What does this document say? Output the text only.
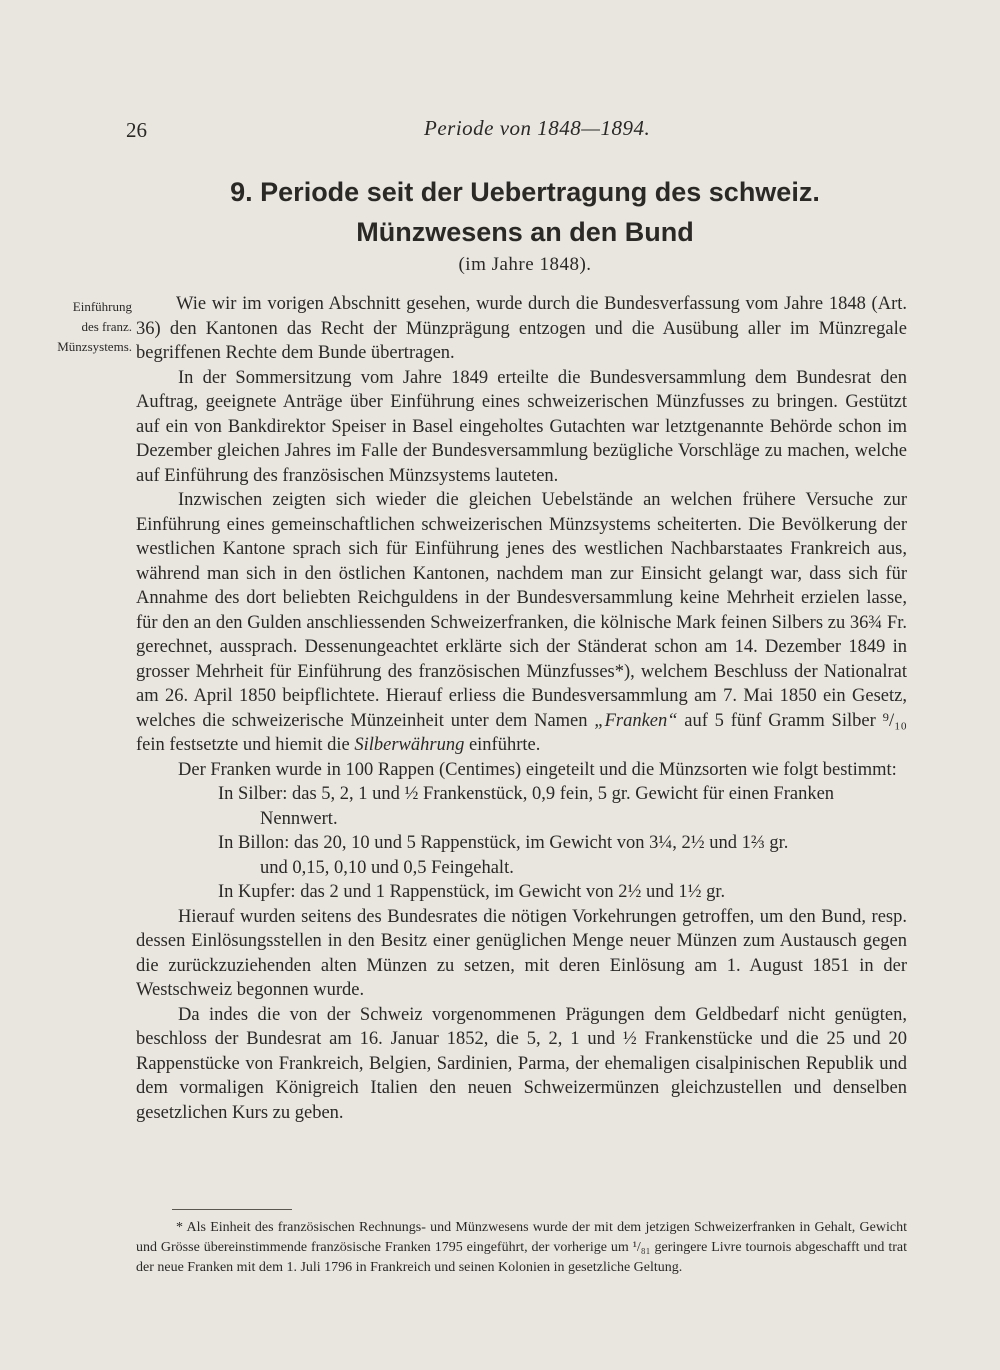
26	Periode von 1848—1894.
9. Periode seit der Uebertragung des schweiz.
Münzwesens an den Bund
(im Jahre 1848).
Einführung
des franz.
Münzsystems.

Wie wir im vorigen Abschnitt gesehen, wurde durch die Bundesverfassung vom Jahre 1848 (Art. 36) den Kantonen das Recht der Münzprägung entzogen und die Ausübung aller im Münzregale begriffenen Rechte dem Bunde übertragen.

In der Sommersitzung vom Jahre 1849 erteilte die Bundesversammlung dem Bundesrat den Auftrag, geeignete Anträge über Einführung eines schweizerischen Münzfusses zu bringen. Gestützt auf ein von Bankdirektor Speiser in Basel eingeholtes Gutachten war letztgenannte Behörde schon im Dezember gleichen Jahres im Falle der Bundesversammlung bezügliche Vorschläge zu machen, welche auf Einführung des französischen Münzsystems lauteten.

Inzwischen zeigten sich wieder die gleichen Uebelstände an welchen frühere Versuche zur Einführung eines gemeinschaftlichen schweizerischen Münzsystems scheiterten. Die Bevölkerung der westlichen Kantone sprach sich für Einführung jenes des westlichen Nachbarstaates Frankreich aus, während man sich in den östlichen Kantonen, nachdem man zur Einsicht gelangt war, dass sich für Annahme des dort beliebten Reichguldens in der Bundesversammlung keine Mehrheit erzielen lasse, für den an den Gulden anschliessenden Schweizerfranken, die kölnische Mark feinen Silbers zu 36¾ Fr. gerechnet, aussprach. Dessenungeachtet erklärte sich der Ständerat schon am 14. Dezember 1849 in grosser Mehrheit für Einführung des französischen Münzfusses*), welchem Beschluss der Nationalrat am 26. April 1850 beipflichtete. Hierauf erliess die Bundesversammlung am 7. Mai 1850 ein Gesetz, welches die schweizerische Münzeinheit unter dem Namen „Franken“ auf 5 fünf Gramm Silber ⁹/₁₀ fein festsetzte und hiemit die Silberwährung einführte.

Der Franken wurde in 100 Rappen (Centimes) eingeteilt und die Münzsorten wie folgt bestimmt:

In Silber: das 5, 2, 1 und ½ Frankenstück, 0,9 fein, 5 gr. Gewicht für einen Franken
Nennwert.

In Billon: das 20, 10 und 5 Rappenstück, im Gewicht von 3¼, 2½ und 1⅔ gr.
und 0,15, 0,10 und 0,5 Feingehalt.

In Kupfer: das 2 und 1 Rappenstück, im Gewicht von 2½ und 1½ gr.

Hierauf wurden seitens des Bundesrates die nötigen Vorkehrungen getroffen, um den Bund, resp. dessen Einlösungsstellen in den Besitz einer genüglichen Menge neuer Münzen zum Austausch gegen die zurückzuziehenden alten Münzen zu setzen, mit deren Einlösung am 1. August 1851 in der Westschweiz begonnen wurde.

Da indes die von der Schweiz vorgenommenen Prägungen dem Geldbedarf nicht genügten, beschloss der Bundesrat am 16. Januar 1852, die 5, 2, 1 und ½ Frankenstücke und die 25 und 20 Rappenstücke von Frankreich, Belgien, Sardinien, Parma, der ehemaligen cisalpinischen Republik und dem vormaligen Königreich Italien den neuen Schweizermünzen gleichzustellen und denselben gesetzlichen Kurs zu geben.

* Als Einheit des französischen Rechnungs- und Münzwesens wurde der mit dem jetzigen Schweizerfranken in Gehalt, Gewicht und Grösse übereinstimmende französische Franken 1795 eingeführt, der vorherige um ¹/₈₁ geringere Livre tournois abgeschafft und trat der neue Franken mit dem 1. Juli 1796 in Frankreich und seinen Kolonien in gesetzliche Geltung.
